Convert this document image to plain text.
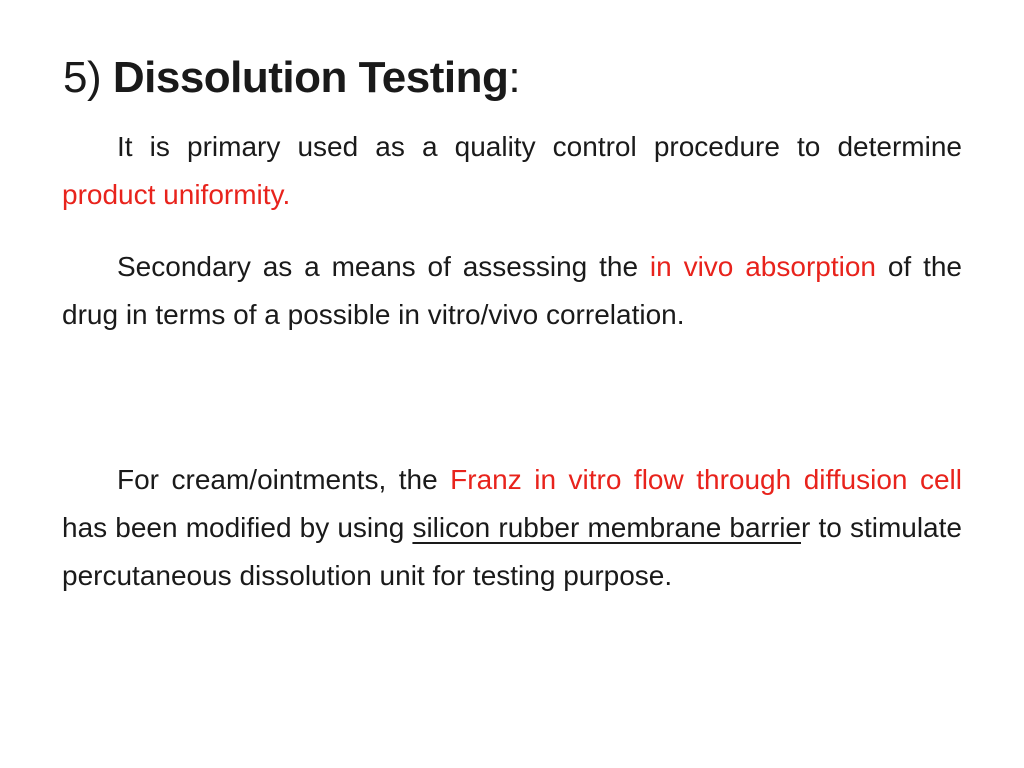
5) Dissolution Testing:

It is primary used as a quality control procedure to determine product uniformity.

Secondary as a means of assessing the in vivo absorption of the drug in terms of a possible in vitro/vivo correlation.

For cream/ointments, the Franz in vitro flow through diffusion cell has been modified by using silicon rubber membrane barrier to stimulate percutaneous dissolution unit for testing purpose.
